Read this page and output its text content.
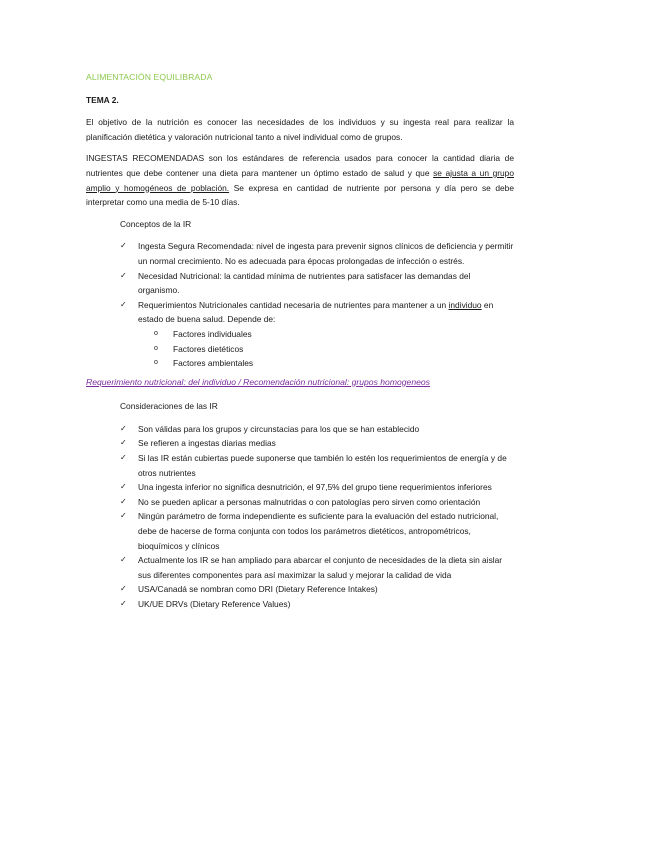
ALIMENTACIÓN EQUILIBRADA
TEMA 2.

El objetivo de la nutrición es conocer las necesidades de los individuos y su ingesta real para realizar la planificación dietética y valoración nutricional tanto a nivel individual como de grupos.

INGESTAS RECOMENDADAS son los estándares de referencia usados para conocer la cantidad diaria de nutrientes que debe contener una dieta para mantener un óptimo estado de salud y que se ajusta a un grupo amplio y homogéneos de población. Se expresa en cantidad de nutriente por persona y día pero se debe interpretar como una media de 5-10 días.

Conceptos de la IR
✓ Ingesta Segura Recomendada: nivel de ingesta para prevenir signos clínicos de deficiencia y permitir un normal crecimiento. No es adecuada para épocas prolongadas de infección o estrés.
✓ Necesidad Nutricional: la cantidad mínima de nutrientes para satisfacer las demandas del organismo.
✓ Requerimientos Nutricionales cantidad necesaria de nutrientes para mantener a un individuo en estado de buena salud. Depende de:
o Factores individuales
o Factores dietéticos
o Factores ambientales
Requerimiento nutricional: del individuo / Recomendación nutricional: grupos homogeneos
Consideraciones de las IR
✓ Son válidas para los grupos y circunstacias para los que se han establecido
✓ Se refieren a ingestas diarias medias
✓ Si las IR están cubiertas puede suponerse que también lo estén los requerimientos de energía y de otros nutrientes
✓ Una ingesta inferior no significa desnutrición, el 97,5% del grupo tiene requerimientos inferiores
✓ No se pueden aplicar a personas malnutridas o con patologías pero sirven como orientación
✓ Ningún parámetro de forma independiente es suficiente para la evaluación del estado nutricional, debe de hacerse de forma conjunta con todos los parámetros dietéticos, antropométricos, bioquímicos y clínicos
✓ Actualmente los IR se han ampliado para abarcar el conjunto de necesidades de la dieta sin aislar sus diferentes componentes para así maximizar la salud y mejorar la calidad de vida
✓ USA/Canadá se nombran como DRI (Dietary Reference Intakes)
✓ UK/UE DRVs (Dietary Reference Values)
